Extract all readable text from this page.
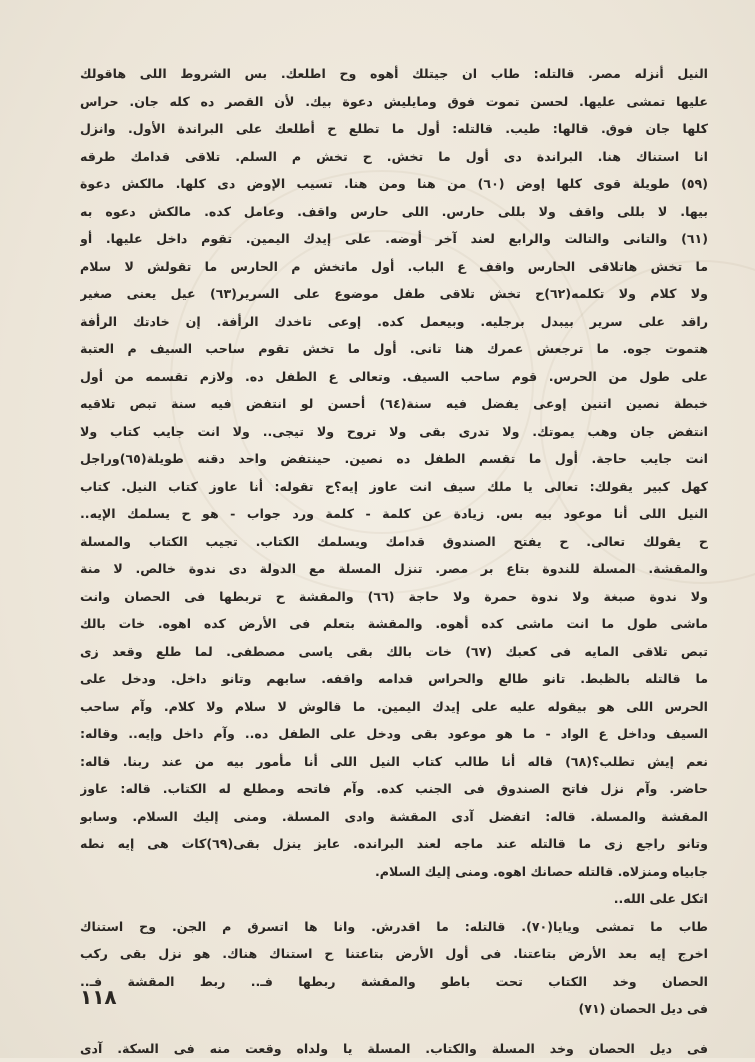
النيل أنزله مصر. قالتله: طاب ان جيتلك أهوه وح اطلعك. بس الشروط اللى هاقولك
عليها تمشى عليها. لحسن تموت فوق ومايليش دعوة بيك. لأن القصر ده كله جان. حراس
كلها جان فوق. قالها: طيب. قالتله: أول ما تطلع ح أطلعك على البراندة الأول. وانزل
انا استناك هنا. البراندة دى أول ما تخش. ح تخش م السلم. تلاقى قدامك طرقه
(٥٩) طويلة قوى كلها إوض (٦٠) من هنا ومن هنا. تسيب الإوض دى كلها. مالكش دعوة
بيها. لا بللى واقف ولا بللى حارس. اللى حارس واقف. وعامل كده. مالكش دعوه به
(٦١) والتانى والتالت والرابع لعند آخر أوضه. على إيدك اليمين. تقوم داخل عليها. أو
ما تخش هاتلاقى الحارس واقف ع الباب. أول ماتخش م الحارس ما تقولش لا سلام
ولا كلام ولا تكلمه(٦٢)ح تخش تلاقى طفل موضوع على السرير(٦٣) عيل يعنى صغير
راقد على سرير بيبدل برجليه. وبيعمل كده. إوعى تاخدك الرأفة. إن خادتك الرأفة
هتموت جوه. ما ترجعش عمرك هنا تانى. أول ما تخش تقوم ساحب السيف م العتبة
على طول من الحرس. قوم ساحب السيف. وتعالى ع الطفل ده. ولازم تقسمه من أول
خبطة نصين اتنين إوعى يفضل فيه سنة(٦٤) أحسن لو انتفض فيه سنة تبص تلاقيه
انتفض جان وهب يموتك. ولا تدرى بقى ولا تروح ولا تيجى.. ولا انت جايب كتاب ولا
انت جايب حاجة. أول ما تقسم الطفل ده نصين. حينتفض واحد دقنه طويلة(٦٥)وراجل
كهل كبير يقولك: تعالى يا ملك سيف انت عاوز إيه؟ح تقوله: أنا عاوز كتاب النيل. كتاب
النيل اللى أنا موعود بيه بس. زيادة عن كلمة - كلمة ورد جواب - هو ح يسلمك الإيه..
ح يقولك تعالى. ح يفتح الصندوق قدامك ويسلمك الكتاب. تجيب الكتاب والمسلة
والمقشة. المسلة للندوة بتاع بر مصر. تنزل المسلة مع الدولة دى ندوة خالص. لا منة
ولا ندوة صبغة ولا ندوة حمرة ولا حاجة (٦٦) والمقشة ح تربطها فى الحصان وانت
ماشى طول ما انت ماشى كده أهوه. والمقشة بتعلم فى الأرض كده اهوه. خات بالك
تبص تلاقى المايه فى كعبك (٦٧) خات بالك بقى ياسى مصطفى. لما طلع وقعد زى
ما قالتله بالظبط. تانو طالع والحراس قدامه واقفه. سابهم وتانو داخل. ودخل على
الحرس اللى هو بيقوله عليه على إيدك اليمين. ما قالوش لا سلام ولا كلام. وآم ساحب
السيف وداخل ع الواد - ما هو موعود بقى ودخل على الطفل ده.. وآم داخل وإيه.. وقاله:
نعم إيش تطلب؟(٦٨) قاله أنا طالب كتاب النيل اللى أنا مأمور بيه من عند ربنا. قاله:
حاضر. وآم نزل فاتح الصندوق فى الجنب كده. وآم فاتحه ومطلع له الكتاب. قاله: عاوز
المقشة والمسلة. قاله: اتفضل آدى المقشة وادى المسلة. ومنى إليك السلام. وسابو
وتانو راجع زى ما قالتله عند ماجه لعند البرانده. عايز ينزل بقى(٦٩)كات هى إيه نطه
جابياه ومنزلاه. قالتله حصانك اهوه. ومنى إليك السلام.
اتكل على الله..
طاب ما تمشى ويايا(٧٠). قالتله: ما اقدرش. وانا ها اتسرق م الجن. وح استناك
اخرج إيه بعد الأرض بتاعتنا. فى أول الأرض بتاعتنا ح استناك هناك. هو نزل بقى ركب
الحصان وخد الكتاب تحت باطو والمقشة ربطها فـ.. ربط المقشة فـ..
فى ديل الحصان (٧١)
فى ديل الحصان وخد المسلة والكتاب. المسلة يا ولداه وقعت منه فى السكة. آدى
١١٨
